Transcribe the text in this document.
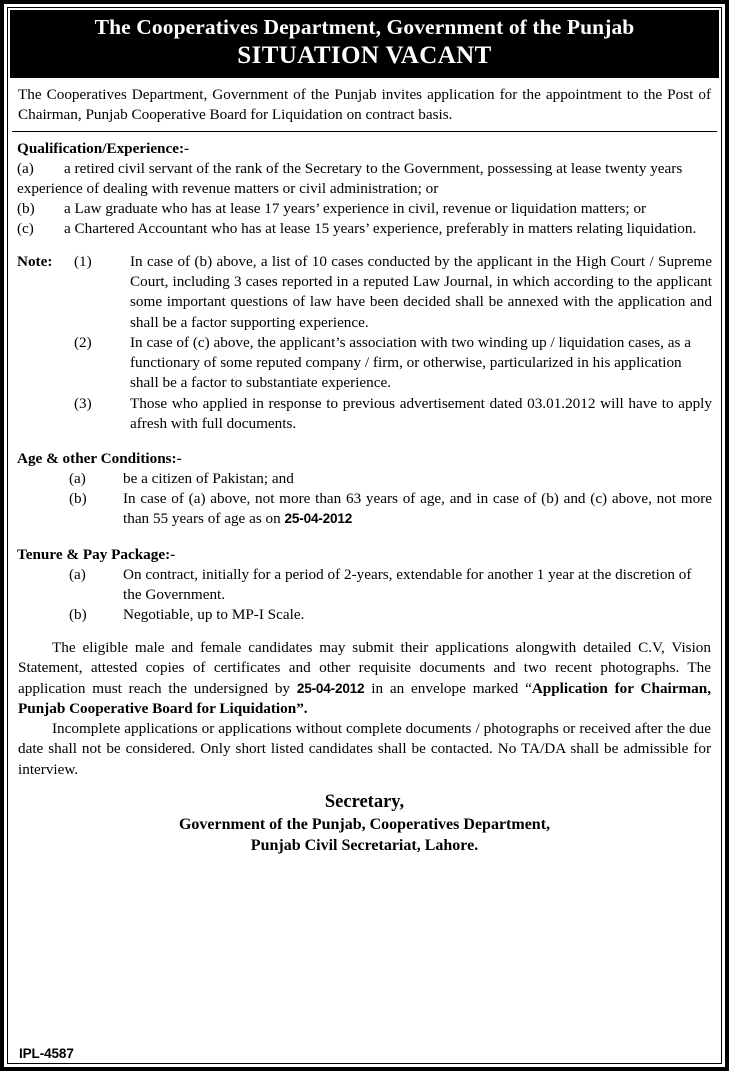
The Cooperatives Department, Government of the Punjab
SITUATION VACANT

The Cooperatives Department, Government of the Punjab invites application for the appointment to the Post of Chairman, Punjab Cooperative Board for Liquidation on contract basis.

Qualification/Experience:-
(a) a retired civil servant of the rank of the Secretary to the Government, possessing at lease twenty years experience of dealing with revenue matters or civil administration; or
(b) a Law graduate who has at lease 17 years’ experience in civil, revenue or liquidation matters; or
(c) a Chartered Accountant who has at lease 15 years’ experience, preferably in matters relating liquidation.
Note:	(1)	In case of (b) above, a list of 10 cases conducted by the applicant in the High Court / Supreme Court, including 3 cases reported in a reputed Law Journal, in which according to the applicant some important questions of law have been decided shall be annexed with the application and shall be a factor supporting experience.
(2)	In case of (c) above, the applicant’s association with two winding up / liquidation cases, as a functionary of some reputed company / firm, or otherwise, particularized in his application shall be a factor to substantiate experience.
(3)	Those who applied in response to previous advertisement dated 03.01.2012 will have to apply afresh with full documents.
Age & other Conditions:-
(a)	be a citizen of Pakistan; and
(b)	In case of (a) above, not more than 63 years of age, and in case of (b) and (c) above, not more than 55 years of age as on 25-04-2012
Tenure & Pay Package:-
(a)	On contract, initially for a period of 2-years, extendable for another 1 year at the discretion of the Government.
(b)	Negotiable, up to MP-I Scale.

The eligible male and female candidates may submit their applications alongwith detailed C.V, Vision Statement, attested copies of certificates and other requisite documents and two recent photographs. The application must reach the undersigned by 25-04-2012 in an envelope marked “Application for Chairman, Punjab Cooperative Board for Liquidation”.

Incomplete applications or applications without complete documents / photographs or received after the due date shall not be considered. Only short listed candidates shall be contacted. No TA/DA shall be admissible for interview.

Secretary,
Government of the Punjab, Cooperatives Department,
Punjab Civil Secretariat, Lahore.
IPL-4587
